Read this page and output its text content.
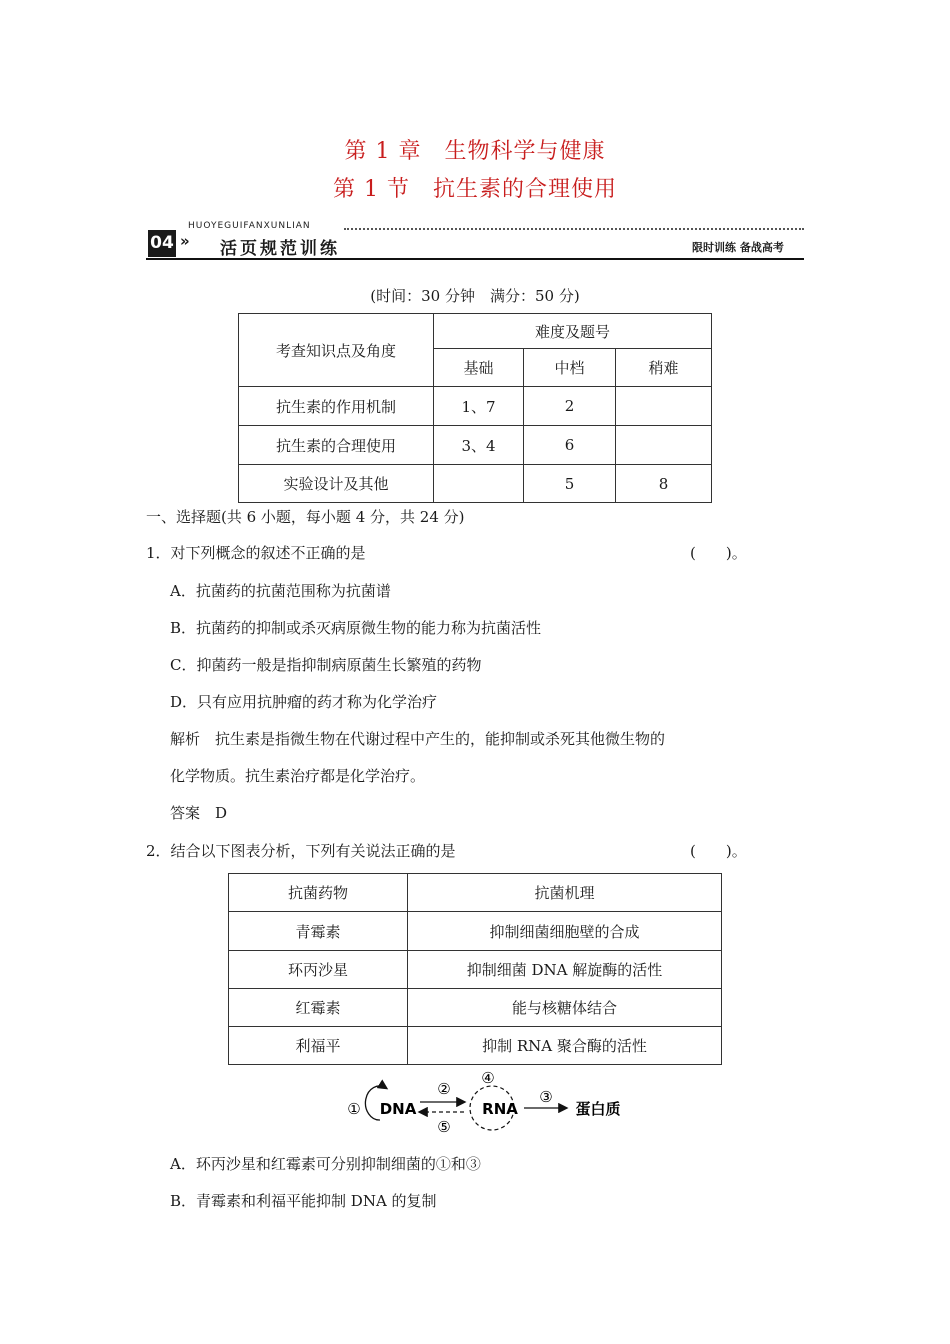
第 1 章　生物科学与健康
第 1 节　抗生素的合理使用
HUOYEGUIFANXUNLIAN
04 » 活页规范训练	限时训练 备战高考
(时间：30 分钟　满分：50 分)
考查知识点及角度	难度及题号		
	基础	中档	稍难
抗生素的作用机制	1、7	2	
抗生素的合理使用	3、4	6	
实验设计及其他		5	8
一、选择题(共 6 小题，每小题 4 分，共 24 分)
1．对下列概念的叙述不正确的是	(　　)。
A．抗菌药的抗菌范围称为抗菌谱
B．抗菌药的抑制或杀灭病原微生物的能力称为抗菌活性
C．抑菌药一般是指抑制病原菌生长繁殖的药物
D．只有应用抗肿瘤的药才称为化学治疗
解析　抗生素是指微生物在代谢过程中产生的，能抑制或杀死其他微生物的
化学物质。抗生素治疗都是化学治疗。
答案　D
2．结合以下图表分析，下列有关说法正确的是	(　　)。
抗菌药物	抗菌机理
青霉素	抑制细菌细胞壁的合成
环丙沙星	抑制细菌 DNA 解旋酶的活性
红霉素	能与核糖体结合
利福平	抑制 RNA 聚合酶的活性
① DNA
②
⑤
④
RNA
③
蛋白质
A．环丙沙星和红霉素可分别抑制细菌的①和③
B．青霉素和利福平能抑制 DNA 的复制
